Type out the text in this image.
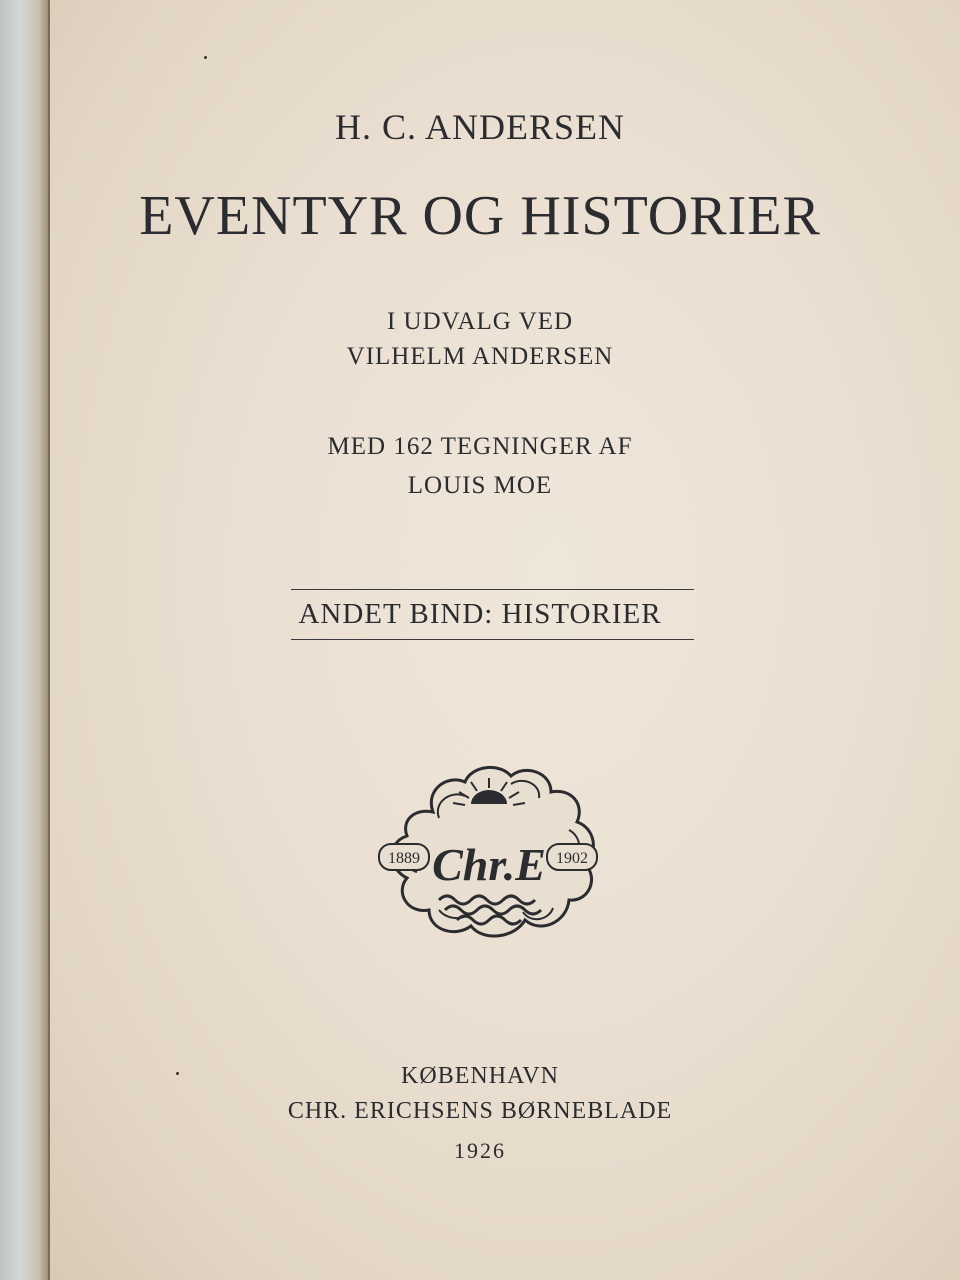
H. C. ANDERSEN
EVENTYR OG HISTORIER
I UDVALG VED
VILHELM ANDERSEN
MED 162 TEGNINGER AF
LOUIS MOE
ANDET BIND: HISTORIER
1889	1902
Chr.E
KØBENHAVN
CHR. ERICHSENS BØRNEBLADE
1926
